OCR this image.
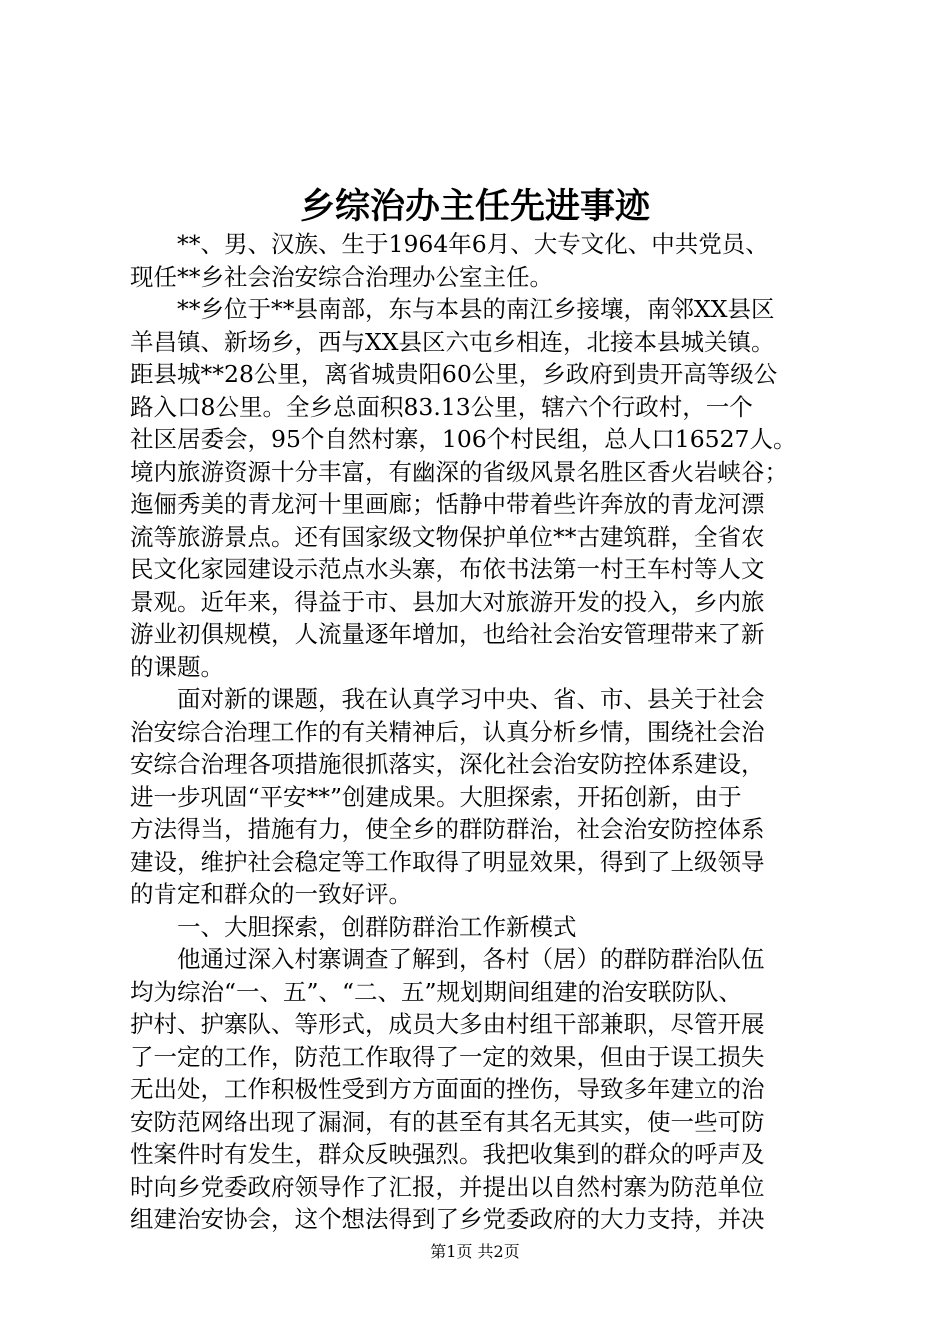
乡综治办主任先进事迹
　　**、男、汉族、生于1964年6月、大专文化、中共党员、
现任**乡社会治安综合治理办公室主任。
　　**乡位于**县南部，东与本县的南江乡接壤，南邻XX县区
羊昌镇、新场乡，西与XX县区六屯乡相连，北接本县城关镇。
距县城**28公里，离省城贵阳60公里，乡政府到贵开高等级公
路入口8公里。全乡总面积83.13公里，辖六个行政村，一个
社区居委会，95个自然村寨，106个村民组，总人口16527人。
境内旅游资源十分丰富，有幽深的省级风景名胜区香火岩峡谷；
迤俪秀美的青龙河十里画廊；恬静中带着些许奔放的青龙河漂
流等旅游景点。还有国家级文物保护单位**古建筑群，全省农
民文化家园建设示范点水头寨，布依书法第一村王车村等人文
景观。近年来，得益于市、县加大对旅游开发的投入，乡内旅
游业初俱规模，人流量逐年增加，也给社会治安管理带来了新
的课题。
　　面对新的课题，我在认真学习中央、省、市、县关于社会
治安综合治理工作的有关精神后，认真分析乡情，围绕社会治
安综合治理各项措施很抓落实，深化社会治安防控体系建设，
进一步巩固“平安**”创建成果。大胆探索，开拓创新，由于
方法得当，措施有力，使全乡的群防群治，社会治安防控体系
建设，维护社会稳定等工作取得了明显效果，得到了上级领导
的肯定和群众的一致好评。
　　一、大胆探索，创群防群治工作新模式
　　他通过深入村寨调查了解到，各村（居）的群防群治队伍
均为综治“一、五”、“二、五”规划期间组建的治安联防队、
护村、护寨队、等形式，成员大多由村组干部兼职，尽管开展
了一定的工作，防范工作取得了一定的效果，但由于误工损失
无出处，工作积极性受到方方面面的挫伤，导致多年建立的治
安防范网络出现了漏洞，有的甚至有其名无其实，使一些可防
性案件时有发生，群众反映强烈。我把收集到的群众的呼声及
时向乡党委政府领导作了汇报，并提出以自然村寨为防范单位
组建治安协会，这个想法得到了乡党委政府的大力支持，并决
第1页 共2页
